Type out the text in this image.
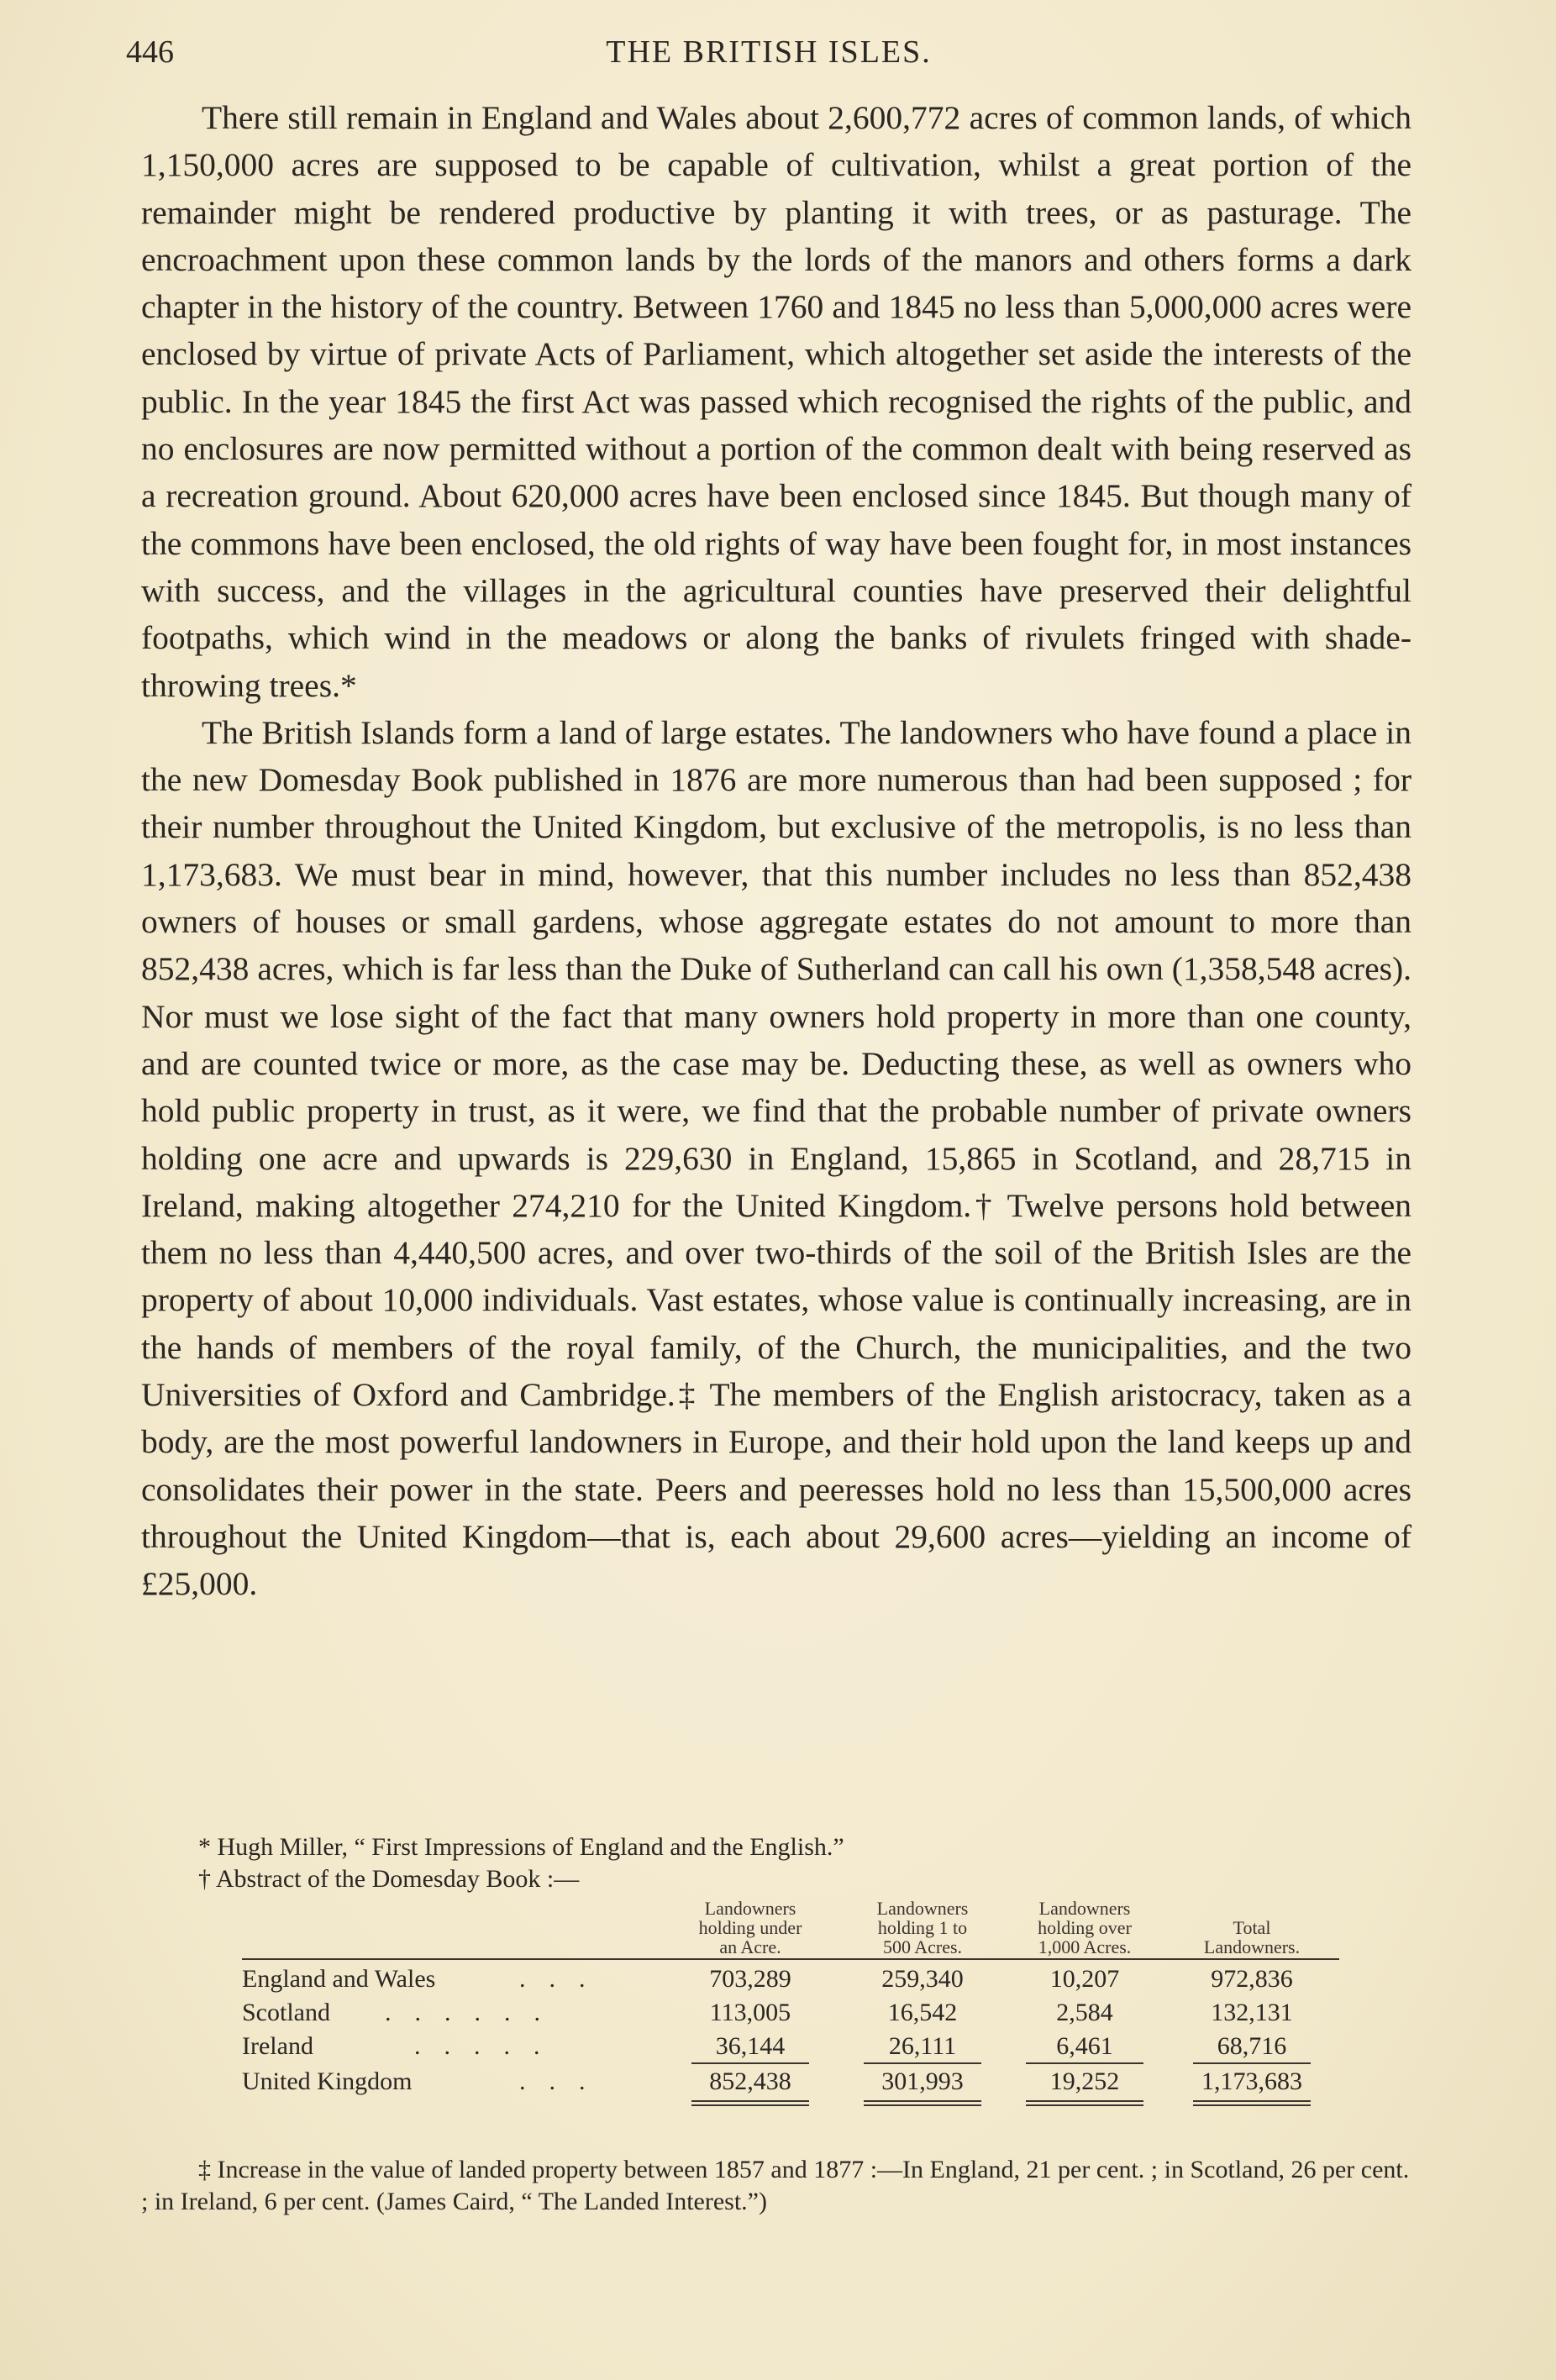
446	THE BRITISH ISLES.

There still remain in England and Wales about 2,600,772 acres of common lands, of which 1,150,000 acres are supposed to be capable of cultivation, whilst a great portion of the remainder might be rendered productive by planting it with trees, or as pasturage. The encroachment upon these common lands by the lords of the manors and others forms a dark chapter in the history of the country. Between 1760 and 1845 no less than 5,000,000 acres were enclosed by virtue of private Acts of Parliament, which altogether set aside the interests of the public. In the year 1845 the first Act was passed which recognised the rights of the public, and no enclosures are now permitted without a portion of the common dealt with being reserved as a recreation ground. About 620,000 acres have been enclosed since 1845. But though many of the commons have been enclosed, the old rights of way have been fought for, in most instances with success, and the villages in the agricultural counties have preserved their delightful footpaths, which wind in the meadows or along the banks of rivulets fringed with shade-throwing trees.*

The British Islands form a land of large estates. The landowners who have found a place in the new Domesday Book published in 1876 are more numerous than had been supposed ; for their number throughout the United Kingdom, but exclusive of the metropolis, is no less than 1,173,683. We must bear in mind, however, that this number includes no less than 852,438 owners of houses or small gardens, whose aggregate estates do not amount to more than 852,438 acres, which is far less than the Duke of Sutherland can call his own (1,358,548 acres). Nor must we lose sight of the fact that many owners hold property in more than one county, and are counted twice or more, as the case may be. Deducting these, as well as owners who hold public property in trust, as it were, we find that the probable number of private owners holding one acre and upwards is 229,630 in England, 15,865 in Scotland, and 28,715 in Ireland, making altogether 274,210 for the United Kingdom.† Twelve persons hold between them no less than 4,440,500 acres, and over two-thirds of the soil of the British Isles are the property of about 10,000 individuals. Vast estates, whose value is continually increasing, are in the hands of members of the royal family, of the Church, the municipalities, and the two Universities of Oxford and Cambridge.‡ The members of the English aristocracy, taken as a body, are the most powerful landowners in Europe, and their hold upon the land keeps up and consolidates their power in the state. Peers and peeresses hold no less than 15,500,000 acres throughout the United Kingdom—that is, each about 29,600 acres—yielding an income of £25,000.

* Hugh Miller, “ First Impressions of England and the English.”

† Abstract of the Domesday Book :—

Landowners
holding under
an Acre.
Landowners
holding 1 to
500 Acres.
Landowners
holding over
1,000 Acres.

Total
Landowners.
England and Wales	...	703,289	259,340	10,207	972,836
Scotland ......	113,005	16,542	2,584	132,131
Ireland	.....	36,144	26,111	6,461	68,716
United Kingdom	...	852,438	301,993	19,252	1,173,683

‡ Increase in the value of landed property between 1857 and 1877 :—In England, 21 per cent. ; in Scotland, 26 per cent. ; in Ireland, 6 per cent. (James Caird, “ The Landed Interest.”)
